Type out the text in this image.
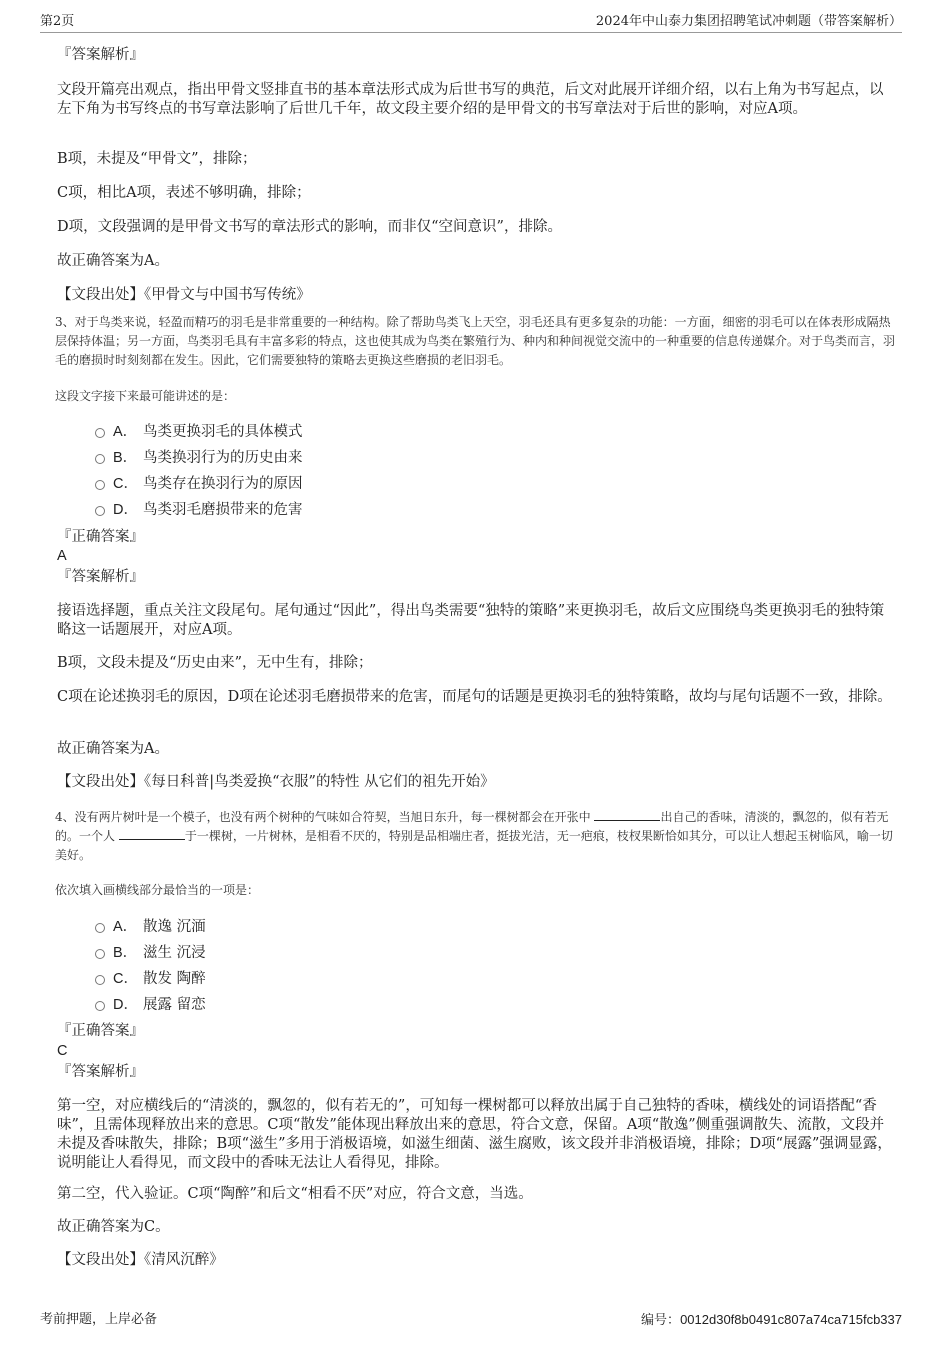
第2页	2024年中山泰力集团招聘笔试冲刺题（带答案解析）
『答案解析』
文段开篇亮出观点，指出甲骨文竖排直书的基本章法形式成为后世书写的典范，后文对此展开详细介绍，以右上角为书写起点，以左下角为书写终点的书写章法影响了后世几千年，故文段主要介绍的是甲骨文的书写章法对于后世的影响，对应A项。
B项，未提及“甲骨文”，排除；
C项，相比A项，表述不够明确，排除；
D项，文段强调的是甲骨文书写的章法形式的影响，而非仅“空间意识”，排除。
故正确答案为A。
【文段出处】《甲骨文与中国书写传统》
3、对于鸟类来说，轻盈而精巧的羽毛是非常重要的一种结构。除了帮助鸟类飞上天空，羽毛还具有更多复杂的功能：一方面，细密的羽毛可以在体表形成隔热层保持体温；另一方面，鸟类羽毛具有丰富多彩的特点，这也使其成为鸟类在繁殖行为、种内和种间视觉交流中的一种重要的信息传递媒介。对于鸟类而言，羽毛的磨损时时刻刻都在发生。因此，它们需要独特的策略去更换这些磨损的老旧羽毛。
这段文字接下来最可能讲述的是：
A． 鸟类更换羽毛的具体模式
B． 鸟类换羽行为的历史由来
C． 鸟类存在换羽行为的原因
D． 鸟类羽毛磨损带来的危害
『正确答案』
A
『答案解析』
接语选择题，重点关注文段尾句。尾句通过“因此”，得出鸟类需要“独特的策略”来更换羽毛，故后文应围绕鸟类更换羽毛的独特策略这一话题展开，对应A项。
B项，文段未提及“历史由来”，无中生有，排除；
C项在论述换羽毛的原因，D项在论述羽毛磨损带来的危害，而尾句的话题是更换羽毛的独特策略，故均与尾句话题不一致，排除。
故正确答案为A。
【文段出处】《每日科普|鸟类爱换“衣服”的特性 从它们的祖先开始》
4、没有两片树叶是一个模子，也没有两个树种的气味如合符契，当旭日东升，每一棵树都会在开张中	出自己的香味，清淡的，飘忽的，似有若无的。一个人	于一棵树，一片树林，是相看不厌的，特别是品相端庄者，挺拔光洁，无一疤痕，枝杈果断恰如其分，可以让人想起玉树临风，喻一切美好。
依次填入画横线部分最恰当的一项是：
A． 散逸 沉湎
B． 滋生 沉浸
C． 散发 陶醉
D． 展露 留恋
『正确答案』
C
『答案解析』
第一空，对应横线后的“清淡的，飘忽的，似有若无的”，可知每一棵树都可以释放出属于自己独特的香味，横线处的词语搭配“香味”，且需体现释放出来的意思。C项“散发”能体现出释放出来的意思，符合文意，保留。A项“散逸”侧重强调散失、流散，文段并未提及香味散失，排除；B项“滋生”多用于消极语境，如滋生细菌、滋生腐败，该文段并非消极语境，排除；D项“展露”强调显露，说明能让人看得见，而文段中的香味无法让人看得见，排除。
第二空，代入验证。C项“陶醉”和后文“相看不厌”对应，符合文意，当选。
故正确答案为C。
【文段出处】《清风沉醉》
考前押题，上岸必备	编号：0012d30f8b0491c807a74ca715fcb337
